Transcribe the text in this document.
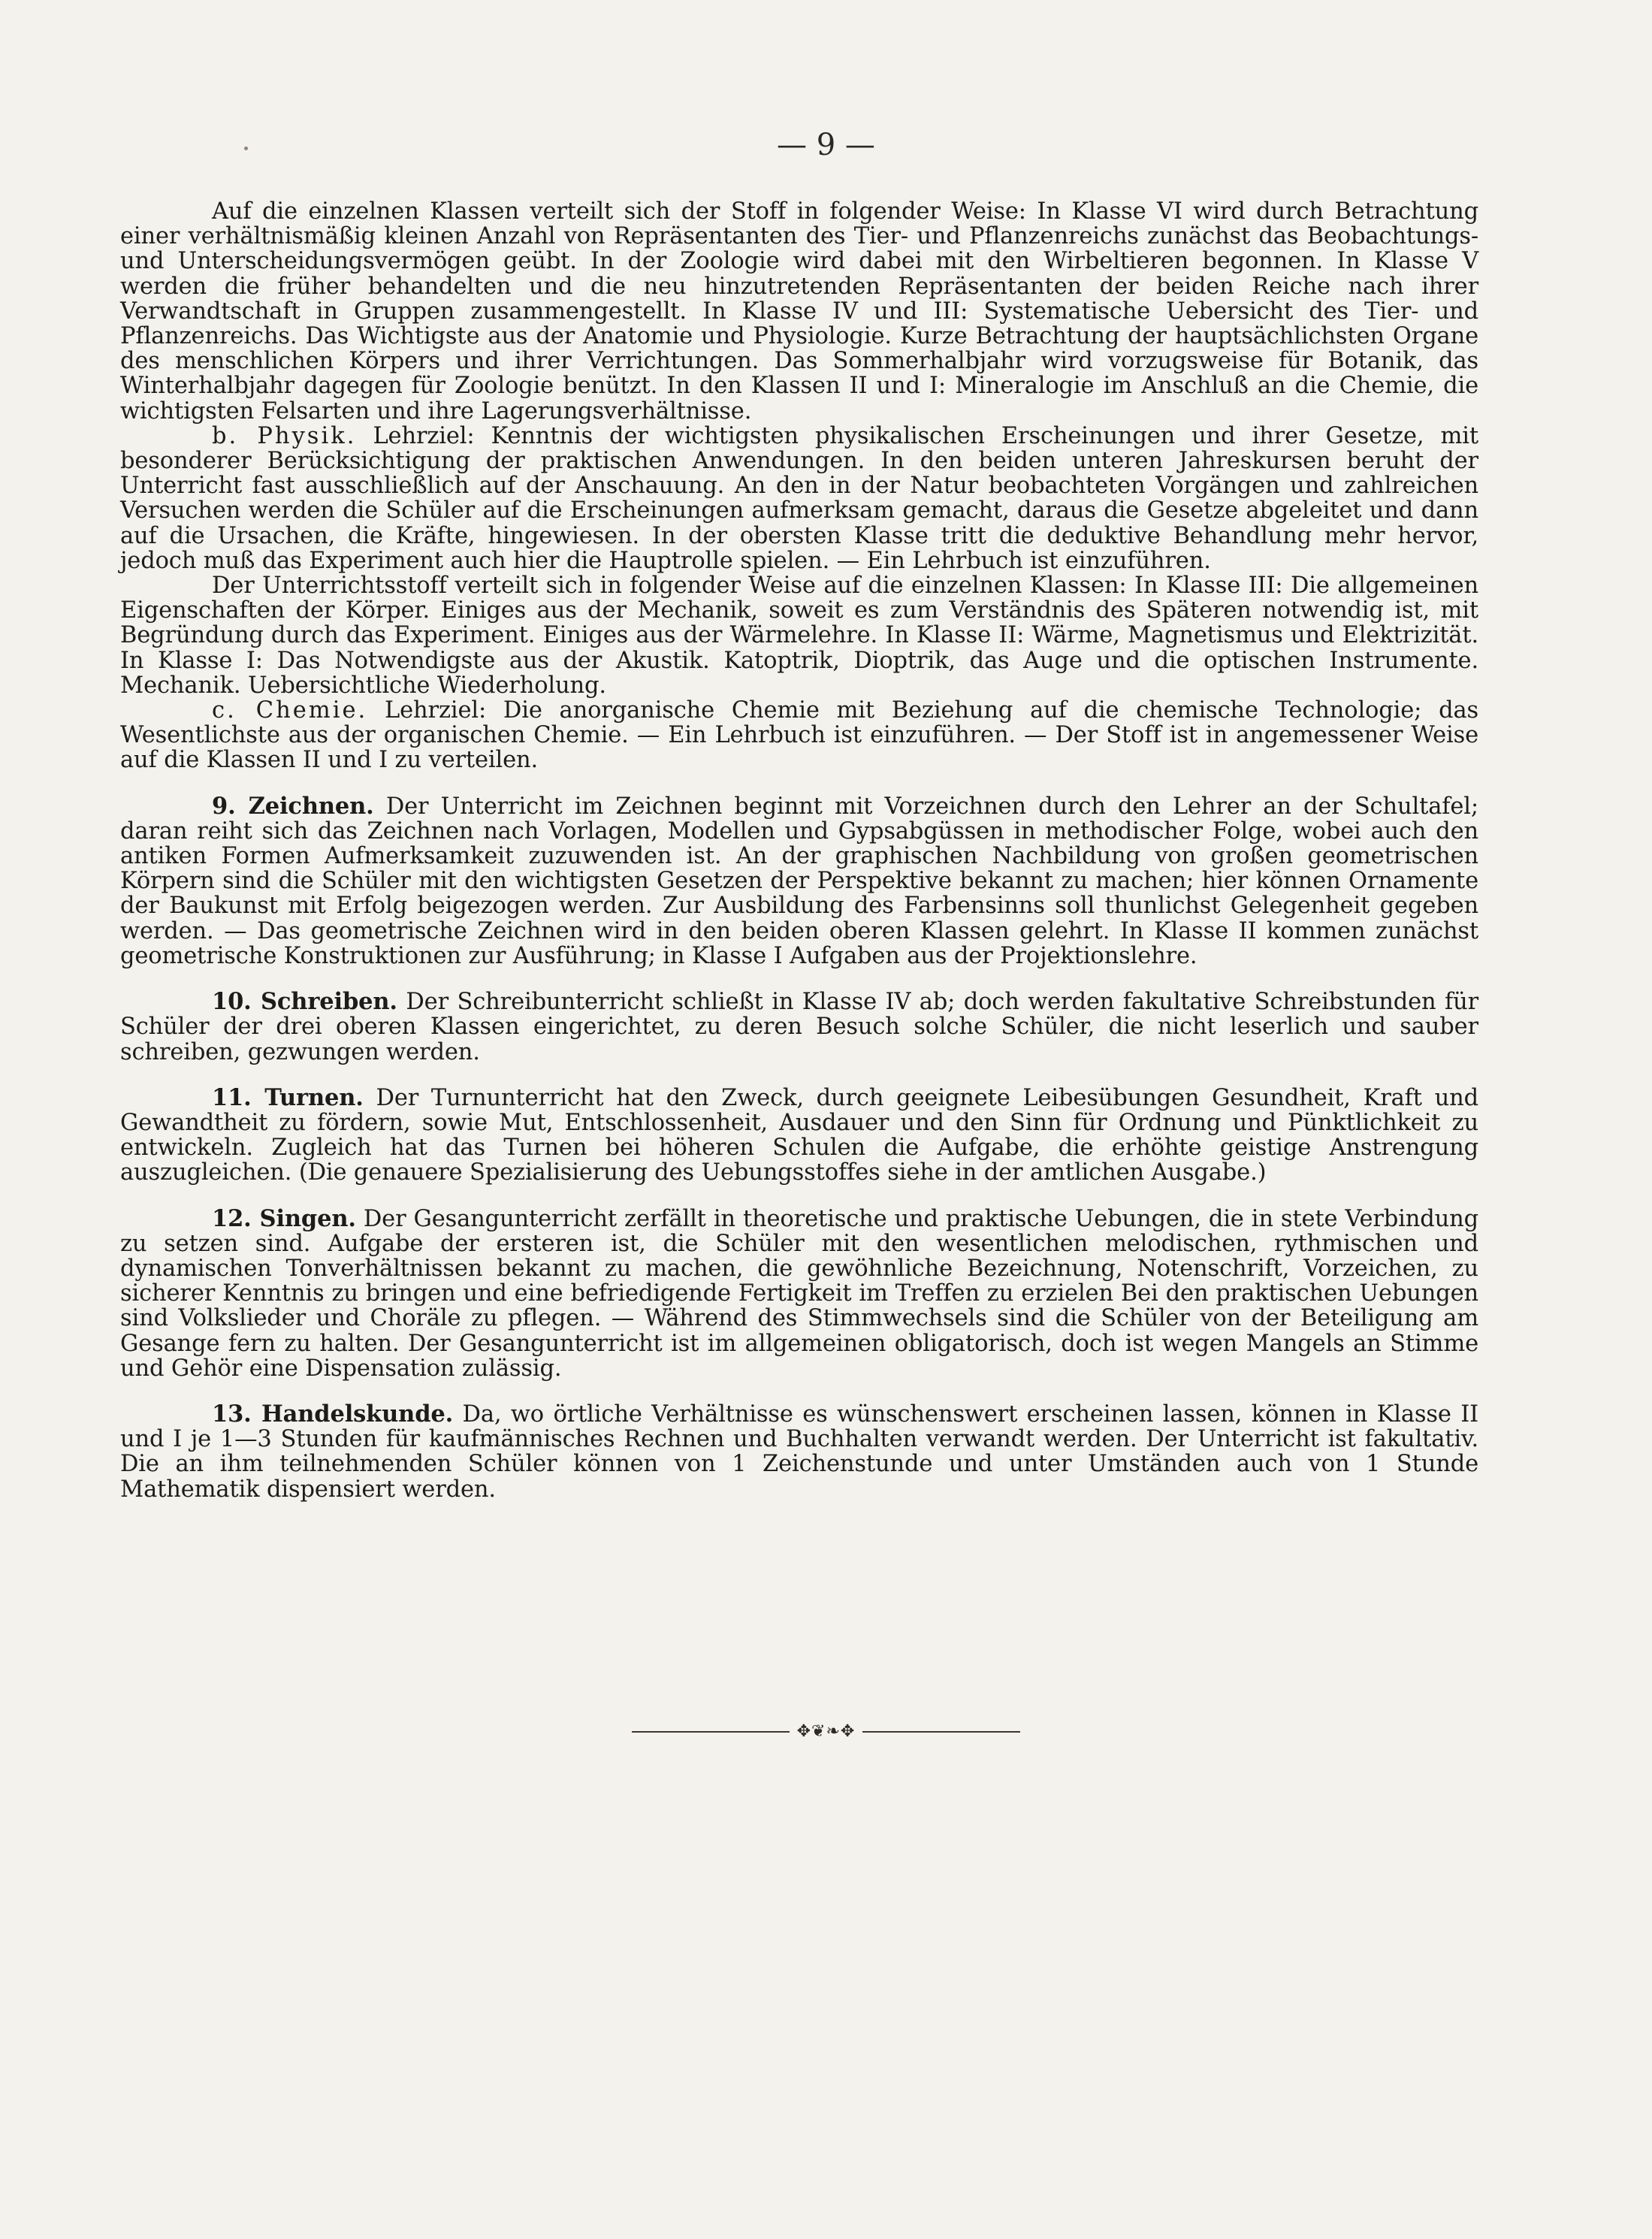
— 9 —

Auf die einzelnen Klassen verteilt sich der Stoff in folgender Weise: In Klasse VI wird durch Betrachtung einer verhältnismäßig kleinen Anzahl von Repräsentanten des Tier- und Pflanzenreichs zunächst das Beobachtungs- und Unterscheidungsvermögen geübt. In der Zoologie wird dabei mit den Wirbeltieren begonnen. In Klasse V werden die früher behandelten und die neu hinzutretenden Repräsentanten der beiden Reiche nach ihrer Verwandtschaft in Gruppen zusammengestellt. In Klasse IV und III: Systematische Uebersicht des Tier- und Pflanzenreichs. Das Wichtigste aus der Anatomie und Physiologie. Kurze Betrachtung der hauptsächlichsten Organe des menschlichen Körpers und ihrer Verrichtungen. Das Sommerhalbjahr wird vorzugsweise für Botanik, das Winterhalbjahr dagegen für Zoologie benützt. In den Klassen II und I: Mineralogie im Anschluß an die Chemie, die wichtigsten Felsarten und ihre Lagerungsverhältnisse.

b. Physik. Lehrziel: Kenntnis der wichtigsten physikalischen Erscheinungen und ihrer Gesetze, mit besonderer Berücksichtigung der praktischen Anwendungen. In den beiden unteren Jahreskursen beruht der Unterricht fast ausschließlich auf der Anschauung. An den in der Natur beobachteten Vorgängen und zahlreichen Versuchen werden die Schüler auf die Erscheinungen aufmerksam gemacht, daraus die Gesetze abgeleitet und dann auf die Ursachen, die Kräfte, hingewiesen. In der obersten Klasse tritt die deduktive Behandlung mehr hervor, jedoch muß das Experiment auch hier die Hauptrolle spielen. — Ein Lehrbuch ist einzuführen.

Der Unterrichtsstoff verteilt sich in folgender Weise auf die einzelnen Klassen: In Klasse III: Die allgemeinen Eigenschaften der Körper. Einiges aus der Mechanik, soweit es zum Verständnis des Späteren notwendig ist, mit Begründung durch das Experiment. Einiges aus der Wärmelehre. In Klasse II: Wärme, Magnetismus und Elektrizität. In Klasse I: Das Notwendigste aus der Akustik. Katoptrik, Dioptrik, das Auge und die optischen Instrumente. Mechanik. Uebersichtliche Wiederholung.

c. Chemie. Lehrziel: Die anorganische Chemie mit Beziehung auf die chemische Technologie; das Wesentlichste aus der organischen Chemie. — Ein Lehrbuch ist einzuführen. — Der Stoff ist in angemessener Weise auf die Klassen II und I zu verteilen.

9. Zeichnen. Der Unterricht im Zeichnen beginnt mit Vorzeichnen durch den Lehrer an der Schultafel; daran reiht sich das Zeichnen nach Vorlagen, Modellen und Gypsabgüssen in methodischer Folge, wobei auch den antiken Formen Aufmerksamkeit zuzuwenden ist. An der graphischen Nachbildung von großen geometrischen Körpern sind die Schüler mit den wichtigsten Gesetzen der Perspektive bekannt zu machen; hier können Ornamente der Baukunst mit Erfolg beigezogen werden. Zur Ausbildung des Farbensinns soll thunlichst Gelegenheit gegeben werden. — Das geometrische Zeichnen wird in den beiden oberen Klassen gelehrt. In Klasse II kommen zunächst geometrische Konstruktionen zur Ausführung; in Klasse I Aufgaben aus der Projektionslehre.

10. Schreiben. Der Schreibunterricht schließt in Klasse IV ab; doch werden fakultative Schreibstunden für Schüler der drei oberen Klassen eingerichtet, zu deren Besuch solche Schüler, die nicht leserlich und sauber schreiben, gezwungen werden.

11. Turnen. Der Turnunterricht hat den Zweck, durch geeignete Leibesübungen Gesundheit, Kraft und Gewandtheit zu fördern, sowie Mut, Entschlossenheit, Ausdauer und den Sinn für Ordnung und Pünktlichkeit zu entwickeln. Zugleich hat das Turnen bei höheren Schulen die Aufgabe, die erhöhte geistige Anstrengung auszugleichen. (Die genauere Spezialisierung des Uebungsstoffes siehe in der amtlichen Ausgabe.)

12. Singen. Der Gesangunterricht zerfällt in theoretische und praktische Uebungen, die in stete Verbindung zu setzen sind. Aufgabe der ersteren ist, die Schüler mit den wesentlichen melodischen, rythmischen und dynamischen Tonverhältnissen bekannt zu machen, die gewöhnliche Bezeichnung, Notenschrift, Vorzeichen, zu sicherer Kenntnis zu bringen und eine befriedigende Fertigkeit im Treffen zu erzielen Bei den praktischen Uebungen sind Volkslieder und Choräle zu pflegen. — Während des Stimmwechsels sind die Schüler von der Beteiligung am Gesange fern zu halten. Der Gesangunterricht ist im allgemeinen obligatorisch, doch ist wegen Mangels an Stimme und Gehör eine Dispensation zulässig.

13. Handelskunde. Da, wo örtliche Verhältnisse es wünschenswert erscheinen lassen, können in Klasse II und I je 1—3 Stunden für kaufmännisches Rechnen und Buchhalten verwandt werden. Der Unterricht ist fakultativ. Die an ihm teilnehmenden Schüler können von 1 Zeichenstunde und unter Umständen auch von 1 Stunde Mathematik dispensiert werden.

✥❦❧✥
